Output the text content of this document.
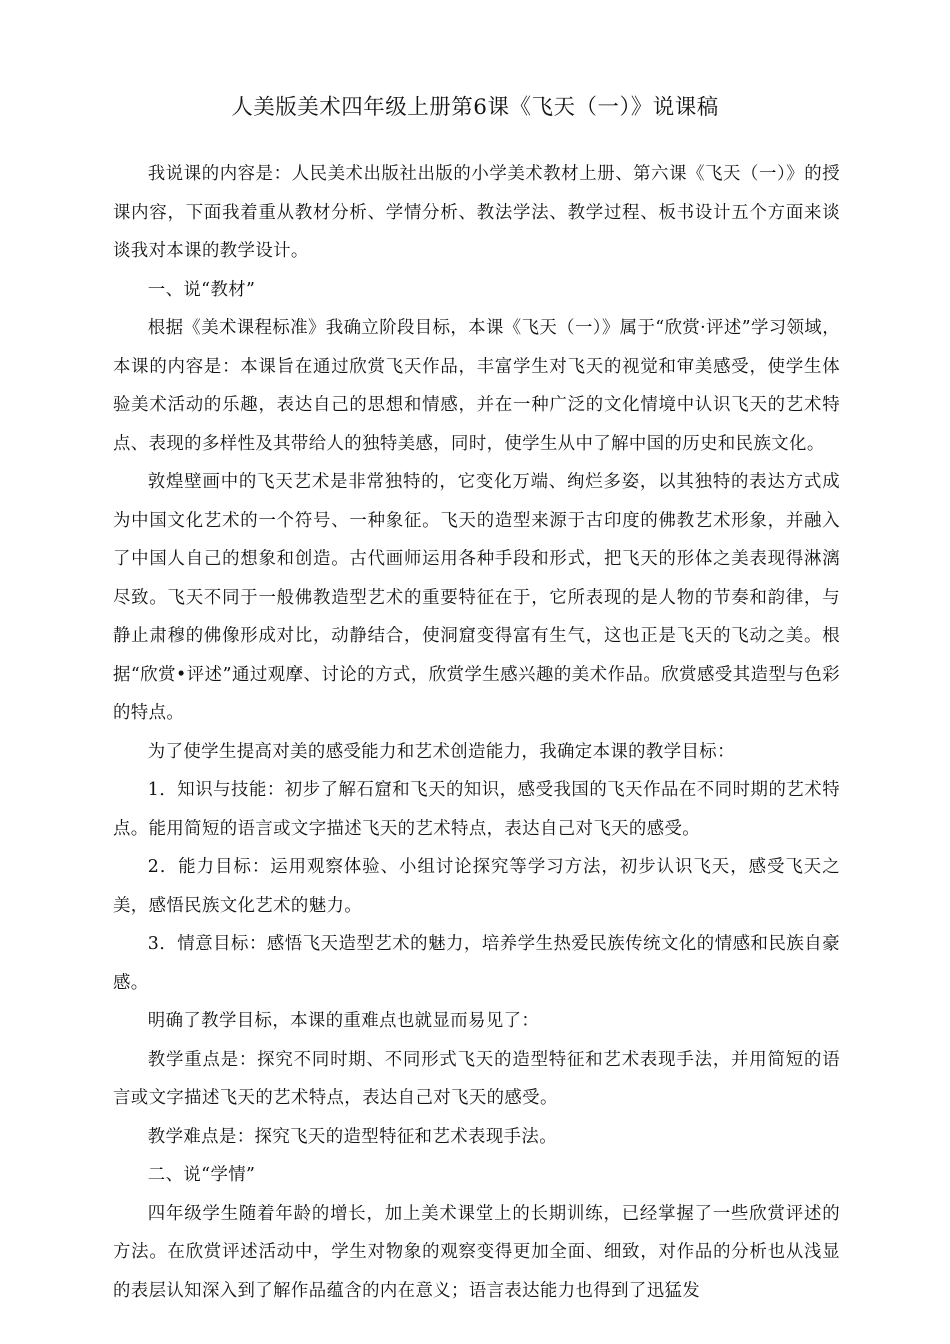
人美版美术四年级上册第6课《飞天（一）》说课稿

我说课的内容是：人民美术出版社出版的小学美术教材上册、第六课《飞天（一）》的授课内容，下面我着重从教材分析、学情分析、教法学法、教学过程、板书设计五个方面来谈谈我对本课的教学设计。

一、说“教材”

根据《美术课程标准》我确立阶段目标，本课《飞天（一）》属于“欣赏·评述”学习领域，本课的内容是：本课旨在通过欣赏飞天作品，丰富学生对飞天的视觉和审美感受，使学生体验美术活动的乐趣，表达自己的思想和情感，并在一种广泛的文化情境中认识飞天的艺术特点、表现的多样性及其带给人的独特美感，同时，使学生从中了解中国的历史和民族文化。

敦煌壁画中的飞天艺术是非常独特的，它变化万端、绚烂多姿，以其独特的表达方式成为中国文化艺术的一个符号、一种象征。飞天的造型来源于古印度的佛教艺术形象，并融入了中国人自己的想象和创造。古代画师运用各种手段和形式，把飞天的形体之美表现得淋漓尽致。飞天不同于一般佛教造型艺术的重要特征在于，它所表现的是人物的节奏和韵律，与静止肃穆的佛像形成对比，动静结合，使洞窟变得富有生气，这也正是飞天的飞动之美。根据“欣赏•评述”通过观摩、讨论的方式，欣赏学生感兴趣的美术作品。欣赏感受其造型与色彩的特点。

为了使学生提高对美的感受能力和艺术创造能力，我确定本课的教学目标：

1．知识与技能：初步了解石窟和飞天的知识，感受我国的飞天作品在不同时期的艺术特点。能用简短的语言或文字描述飞天的艺术特点，表达自己对飞天的感受。

2．能力目标：运用观察体验、小组讨论探究等学习方法，初步认识飞天，感受飞天之美，感悟民族文化艺术的魅力。

3．情意目标：感悟飞天造型艺术的魅力，培养学生热爱民族传统文化的情感和民族自豪感。

明确了教学目标，本课的重难点也就显而易见了：

教学重点是：探究不同时期、不同形式飞天的造型特征和艺术表现手法，并用简短的语言或文字描述飞天的艺术特点，表达自己对飞天的感受。

教学难点是：探究飞天的造型特征和艺术表现手法。

二、说“学情”

四年级学生随着年龄的增长，加上美术课堂上的长期训练，已经掌握了一些欣赏评述的方法。在欣赏评述活动中，学生对物象的观察变得更加全面、细致，对作品的分析也从浅显的表层认知深入到了解作品蕴含的内在意义；语言表达能力也得到了迅猛发
